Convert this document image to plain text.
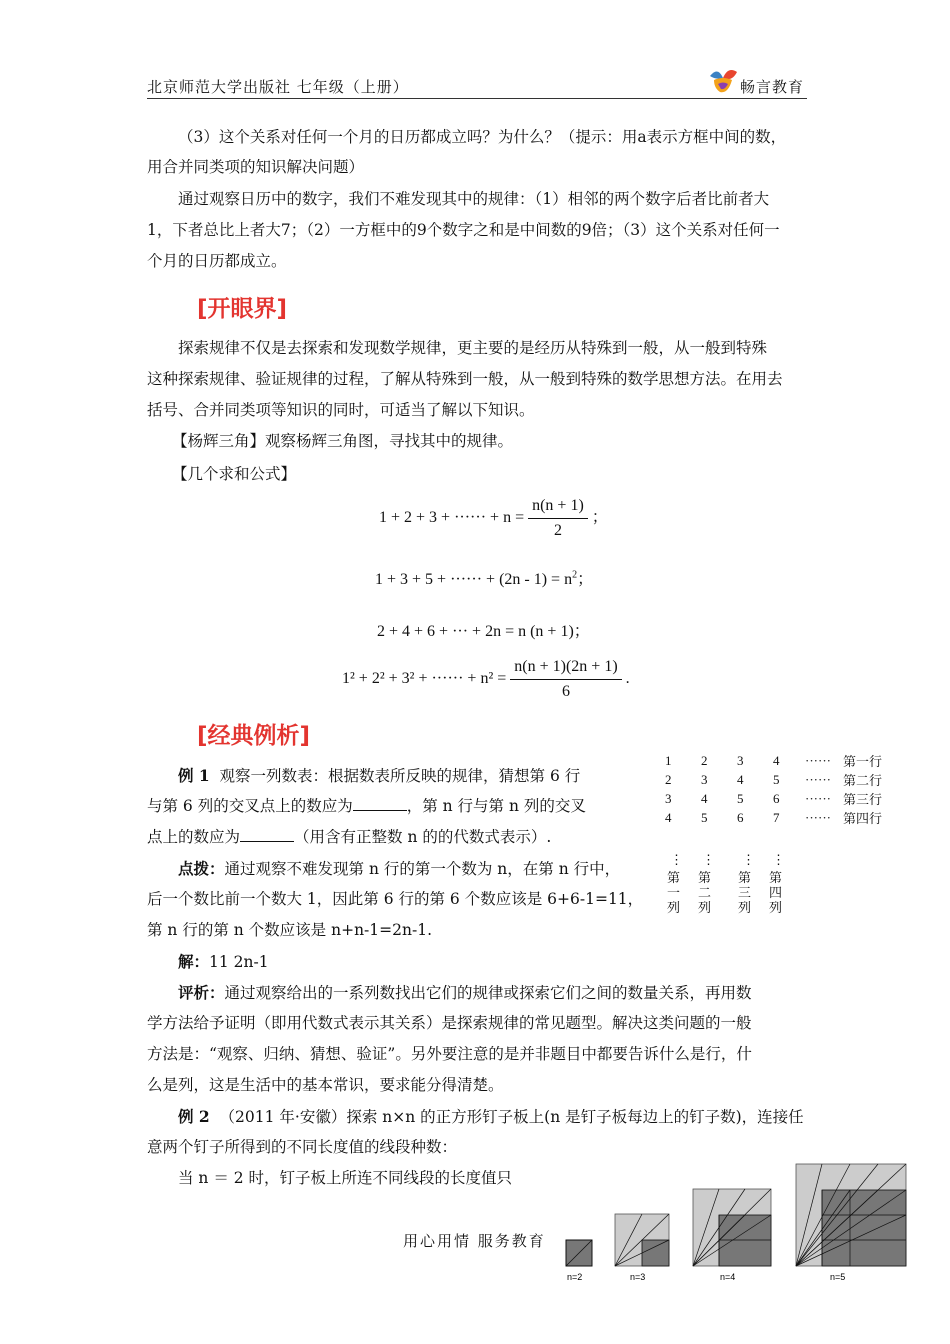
北京师范大学出版社 七年级（上册）	畅言教育
（3）这个关系对任何一个月的日历都成立吗？为什么？（提示：用a表示方框中间的数，
用合并同类项的知识解决问题）
通过观察日历中的数字，我们不难发现其中的规律：（1）相邻的两个数字后者比前者大
1，下者总比上者大7；（2）一方框中的9个数字之和是中间数的9倍；（3）这个关系对任何一
个月的日历都成立。
[开眼界]
探索规律不仅是去探索和发现数学规律，更主要的是经历从特殊到一般，从一般到特殊
这种探索规律、验证规律的过程，了解从特殊到一般，从一般到特殊的数学思想方法。在用去
括号、合并同类项等知识的同时，可适当了解以下知识。
【杨辉三角】观察杨辉三角图，寻找其中的规律。
【几个求和公式】
1 + 2 + 3 + ······ + $n = \frac{n(n + 1)}{2}$ ；
1 + 3 + 5 + ······ + $(2n - 1) = n^2$；
2 + 4 + 6 + ··· + 2n = n (n + 1)；
1² + 2² + 3² + ······ + $n^2 = \frac{n(n + 1)(2n + 1)}{6}$ .
[经典例析]
例 1 观察一列数表：根据数表所反映的规律，猜想第 6 行
与第 6 列的交叉点上的数应为	，第 n 行与第 n 列的交叉
点上的数应为	（用含有正整数 n 的的代数式表示）.
点拨：通过观察不难发现第 n 行的第一个数为 n，在第 n 行中，
后一个数比前一个数大 1，因此第 6 行的第 6 个数应该是 6+6-1=11，
第 n 行的第 n 个数应该是 n+n-1=2n-1.
解：11 2n-1
评析：通过观察给出的一系列数找出它们的规律或探索它们之间的数量关系，再用数
学方法给予证明（即用代数式表示其关系）是探索规律的常见题型。解决这类问题的一般
方法是：“观察、归纳、猜想、验证”。另外要注意的是并非题目中都要告诉什么是行，什
么是列，这是生活中的基本常识，要求能分得清楚。
例 2 （2011 年·安徽）探索 n×n 的正方形钉子板上(n 是钉子板每边上的钉子数)，连接任
意两个钉子所得到的不同长度值的线段种数：
当 n ＝ 2 时，钉子板上所连不同线段的长度值只
1	2	3	4	······	第一行
2	3	4	5	······	第二行
3	4	5	6	······	第三行
4	5	6	7	······	第四行
⋮ ⋮ ⋮ ⋮
第一列
第二列
第三列
第四列
n=2	n=3	n=4	n=5
用心用情 服务教育
